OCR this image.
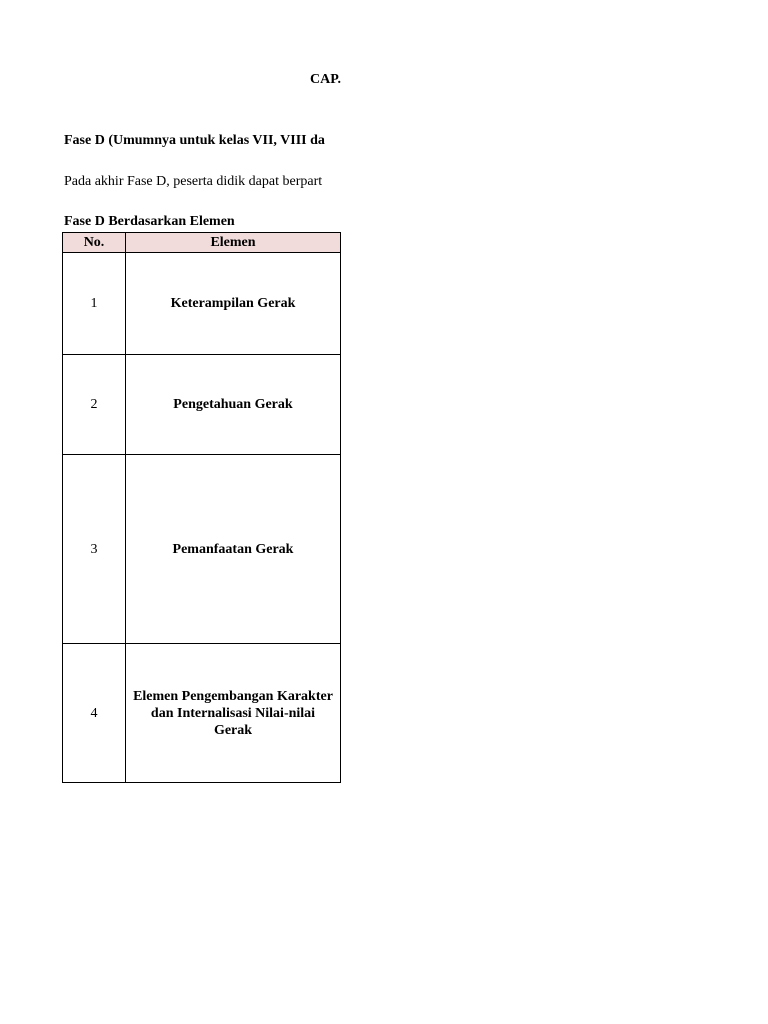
CAP.
Fase D (Umumnya untuk kelas VII, VIII da
Pada akhir Fase D, peserta didik dapat berpart
Fase D Berdasarkan Elemen
No.	Elemen
1	Keterampilan Gerak
2	Pengetahuan Gerak
3	Pemanfaatan Gerak
4	Elemen Pengembangan Karakter dan Internalisasi Nilai-nilai Gerak
